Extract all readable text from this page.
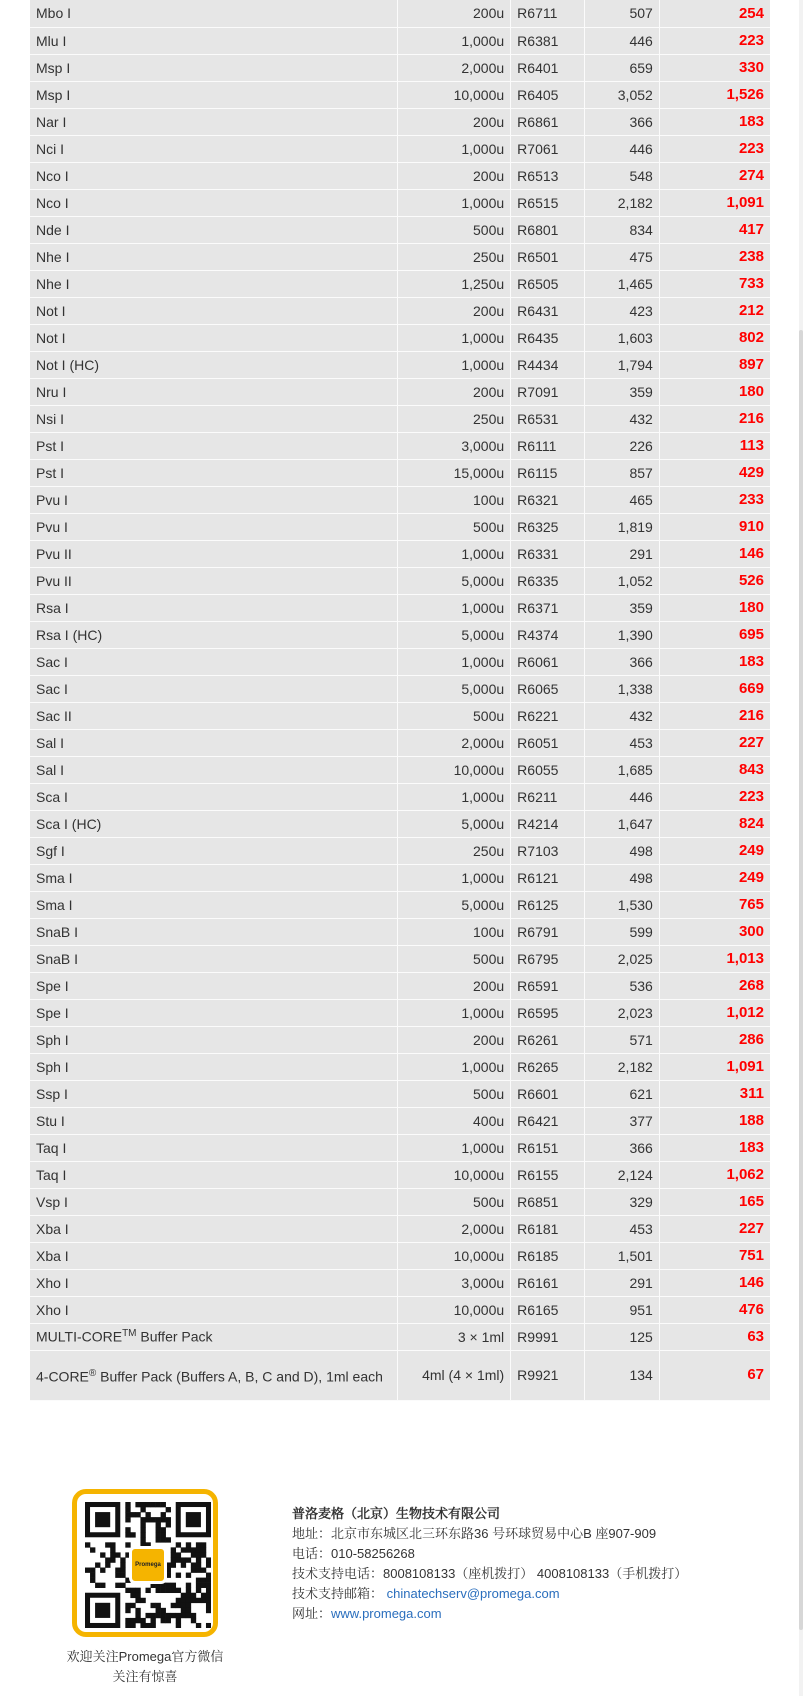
Mbo I	200u	R6711	507	254
Mlu I	1,000u	R6381	446	223
Msp I	2,000u	R6401	659	330
Msp I	10,000u	R6405	3,052	1,526
Nar I	200u	R6861	366	183
Nci I	1,000u	R7061	446	223
Nco I	200u	R6513	548	274
Nco I	1,000u	R6515	2,182	1,091
Nde I	500u	R6801	834	417
Nhe I	250u	R6501	475	238
Nhe I	1,250u	R6505	1,465	733
Not I	200u	R6431	423	212
Not I	1,000u	R6435	1,603	802
Not I (HC)	1,000u	R4434	1,794	897
Nru I	200u	R7091	359	180
Nsi I	250u	R6531	432	216
Pst I	3,000u	R6111	226	113
Pst I	15,000u	R6115	857	429
Pvu I	100u	R6321	465	233
Pvu I	500u	R6325	1,819	910
Pvu II	1,000u	R6331	291	146
Pvu II	5,000u	R6335	1,052	526
Rsa I	1,000u	R6371	359	180
Rsa I (HC)	5,000u	R4374	1,390	695
Sac I	1,000u	R6061	366	183
Sac I	5,000u	R6065	1,338	669
Sac II	500u	R6221	432	216
Sal I	2,000u	R6051	453	227
Sal I	10,000u	R6055	1,685	843
Sca I	1,000u	R6211	446	223
Sca I (HC)	5,000u	R4214	1,647	824
Sgf I	250u	R7103	498	249
Sma I	1,000u	R6121	498	249
Sma I	5,000u	R6125	1,530	765
SnaB I	100u	R6791	599	300
SnaB I	500u	R6795	2,025	1,013
Spe I	200u	R6591	536	268
Spe I	1,000u	R6595	2,023	1,012
Sph I	200u	R6261	571	286
Sph I	1,000u	R6265	2,182	1,091
Ssp I	500u	R6601	621	311
Stu I	400u	R6421	377	188
Taq I	1,000u	R6151	366	183
Taq I	10,000u	R6155	2,124	1,062
Vsp I	500u	R6851	329	165
Xba I	2,000u	R6181	453	227
Xba I	10,000u	R6185	1,501	751
Xho I	3,000u	R6161	291	146
Xho I	10,000u	R6165	951	476
MULTI-CORE™ Buffer Pack	3 × 1ml	R9991	125	63
4-CORE® Buffer Pack (Buffers A, B, C and D), 1ml each	4ml (4 × 1ml)	R9921	134	67
Promega
欢迎关注Promega官方微信
关注有惊喜
普洛麦格（北京）生物技术有限公司
地址：北京市东城区北三环东路36 号环球贸易中心B 座907-909
电话：010-58256268
技术支持电话：8008108133（座机拨打） 4008108133（手机拨打）
技术支持邮箱： chinatechserv@promega.com
网址：www.promega.com
